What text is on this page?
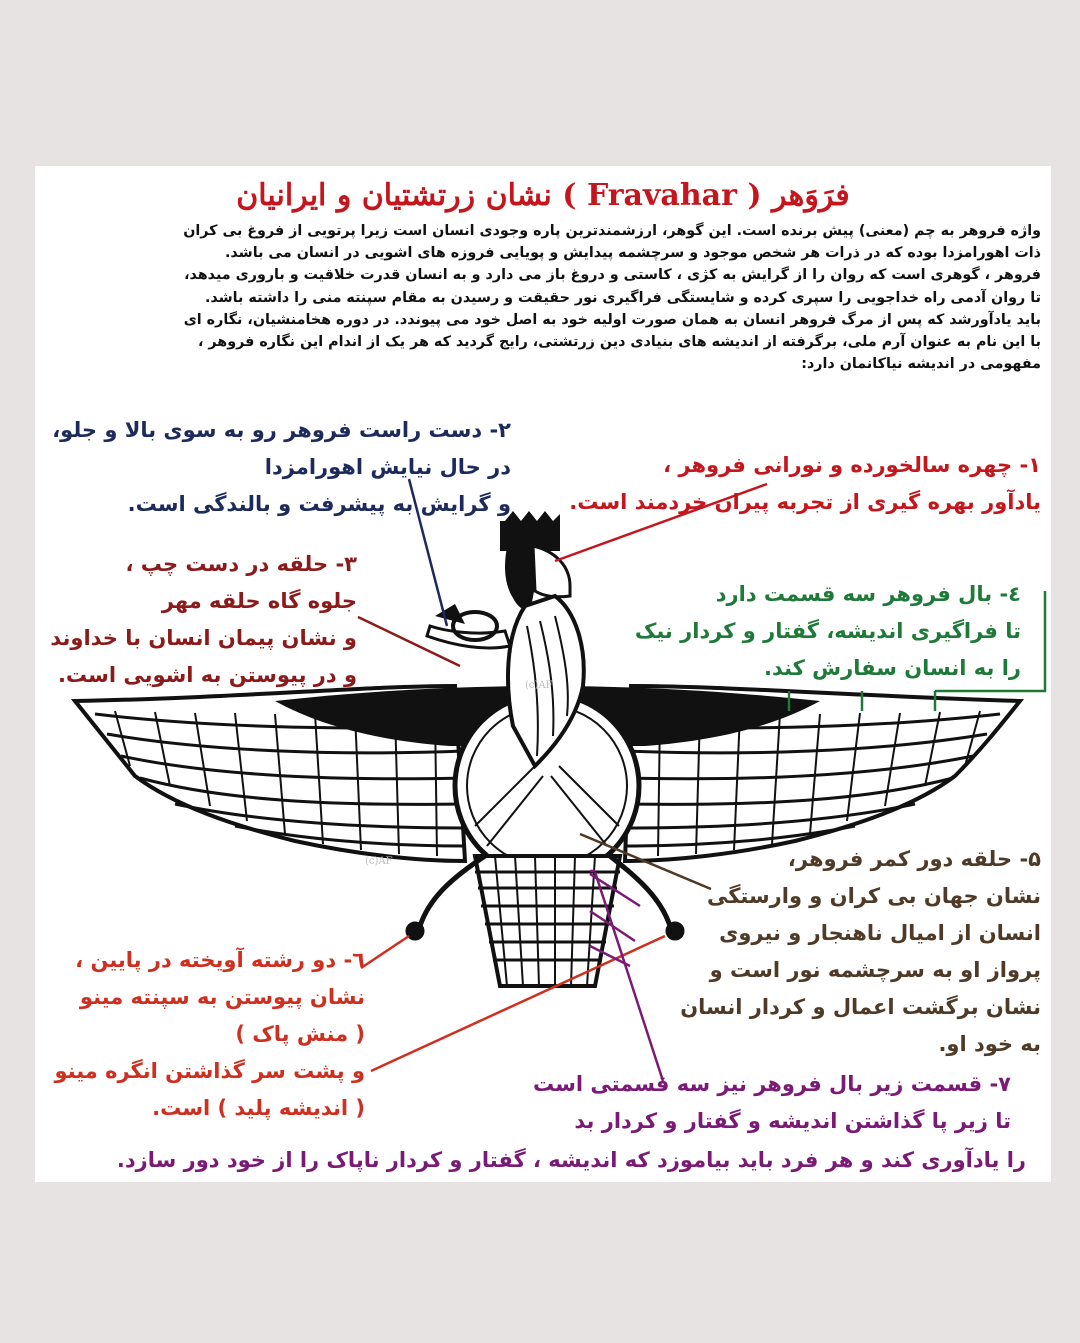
فرَوَهر ( Fravahar ) نشان زرتشتیان و ایرانیان

واژه فروهر به چم (معنی) پیش برنده است. این گوهر، ارزشمندترین پاره وجودی انسان است زیرا پرتویی از فروغ بی کران

ذات اهورامزدا بوده که در ذرات هر شخص موجود و سرچشمه پیدایش و پویایی فروزه های اشویی در انسان می باشد.

فروهر ، گوهری است که روان را از گرایش به کژی ، کاستی و دروغ باز می دارد و به انسان قدرت خلاقیت و باروری میدهد،

تا روان آدمی راه خداجویی را سپری کرده و شایستگی فراگیری نور حقیقت و رسیدن به مقام سپنته منی را داشته باشد.

باید یادآورشد که پس از مرگ فروهر انسان به همان صورت اولیه خود به اصل خود می پیوندد. در دوره هخامنشیان، نگاره ای

با این نام به عنوان آرم ملی، برگرفته از اندیشه های بنیادی دین زرتشتی، رایج گردید که هر یک از اندام این نگاره فروهر ،

مفهومی در اندیشه نیاکانمان دارد:

(c)AF
(c)AF

۲- دست راست فروهر رو به سوی بالا و جلو،

در حال نیایش اهورامزدا

و گرایش به پیشرفت و بالندگی است.

۱- چهره سالخورده و نورانی فروهر ،

یادآور بهره گیری از تجربه پیران خردمند است.

۳- حلقه در دست چپ ،

جلوه گاه حلقه مهر

و نشان پیمان انسان با خداوند

و در پیوستن به اشویی است.

٤- بال فروهر سه قسمت دارد

تا فراگیری اندیشه، گفتار و کردار نیک

را به انسان سفارش کند.

۵- حلقه دور کمر فروهر،

نشان جهان بی کران و وارستگی

انسان از امیال ناهنجار و نیروی

پرواز او به سرچشمه نور است و

نشان برگشت اعمال و کردار انسان

به خود او.

٦- دو رشته آویخته در پایین ،

نشان پیوستن به سپنته مینو

( منش پاک )

و پشت سر گذاشتن انگره مینو

( اندیشه پلید ) است.

۷- قسمت زیر بال فروهر نیز سه قسمتی است

تا زیر پا گذاشتن اندیشه و گفتار و کردار بد

را یادآوری کند و هر فرد باید بیاموزد که اندیشه ، گفتار و کردار ناپاک را از خود دور سازد.
